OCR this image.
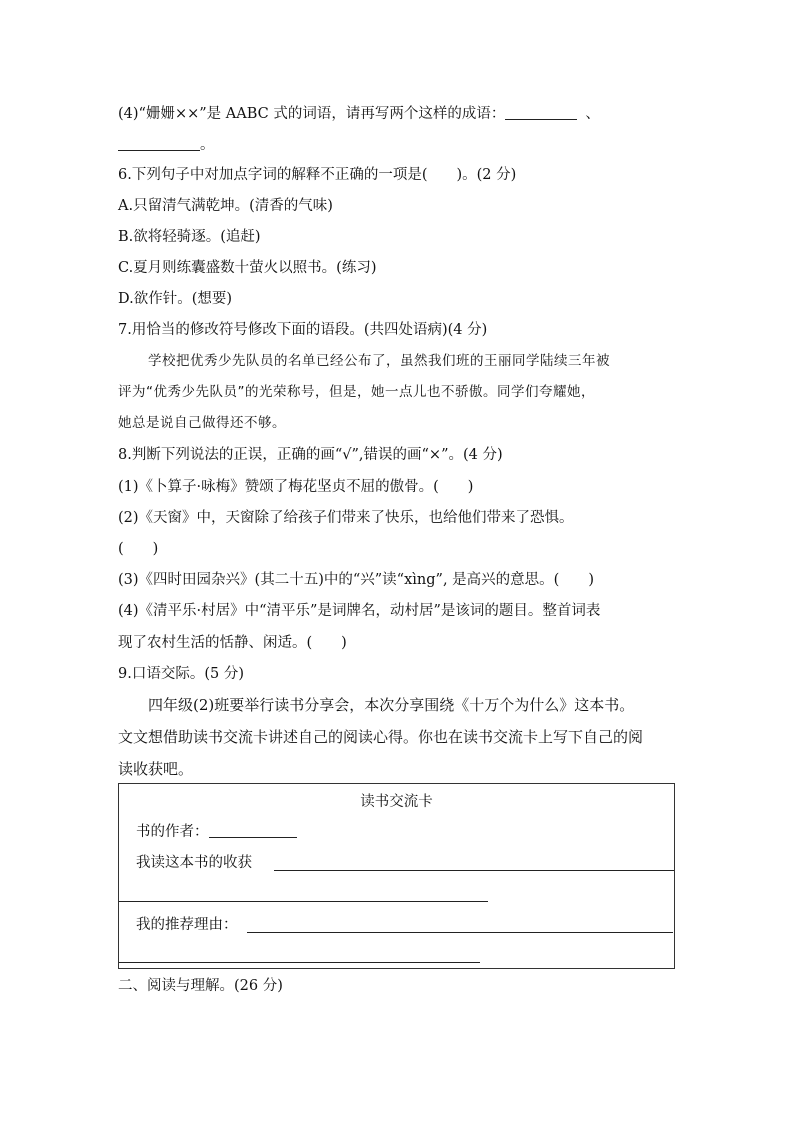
(4)“姗姗××”是 AABC 式的词语，请再写两个这样的成语：	、
。
6.下列句子中对加点字词的解释不正确的一项是(　　)。(2 分)
A.只留清气满乾坤。(清香的气味)
B.欲将轻骑逐。(追赶)
C.夏月则练囊盛数十萤火以照书。(练习)
D.欲作针。(想要)
7.用恰当的修改符号修改下面的语段。(共四处语病)(4 分)
学校把优秀少先队员的名单已经公布了，虽然我们班的王丽同学陆续三年被
评为“优秀少先队员”的光荣称号，但是，她一点儿也不骄傲。同学们夸耀她，
她总是说自己做得还不够。
8.判断下列说法的正误，正确的画“√”,错误的画“×”。(4 分)
(1)《卜算子·咏梅》赞颂了梅花坚贞不屈的傲骨。(　　)
(2)《天窗》中，天窗除了给孩子们带来了快乐，也给他们带来了恐惧。
(　　)
(3)《四时田园杂兴》(其二十五)中的“兴”读“xìng”, 是高兴的意思。(　　)
(4)《清平乐·村居》中“清平乐”是词牌名，动村居”是该词的题目。整首词表
现了农村生活的恬静、闲适。(　　)
9.口语交际。(5 分)
四年级(2)班要举行读书分享会，本次分享围绕《十万个为什么》这本书。
文文想借助读书交流卡讲述自己的阅读心得。你也在读书交流卡上写下自己的阅
读收获吧。
读书交流卡
书的作者：
我读这本书的收获
我的推荐理由：
二、阅读与理解。(26 分)
